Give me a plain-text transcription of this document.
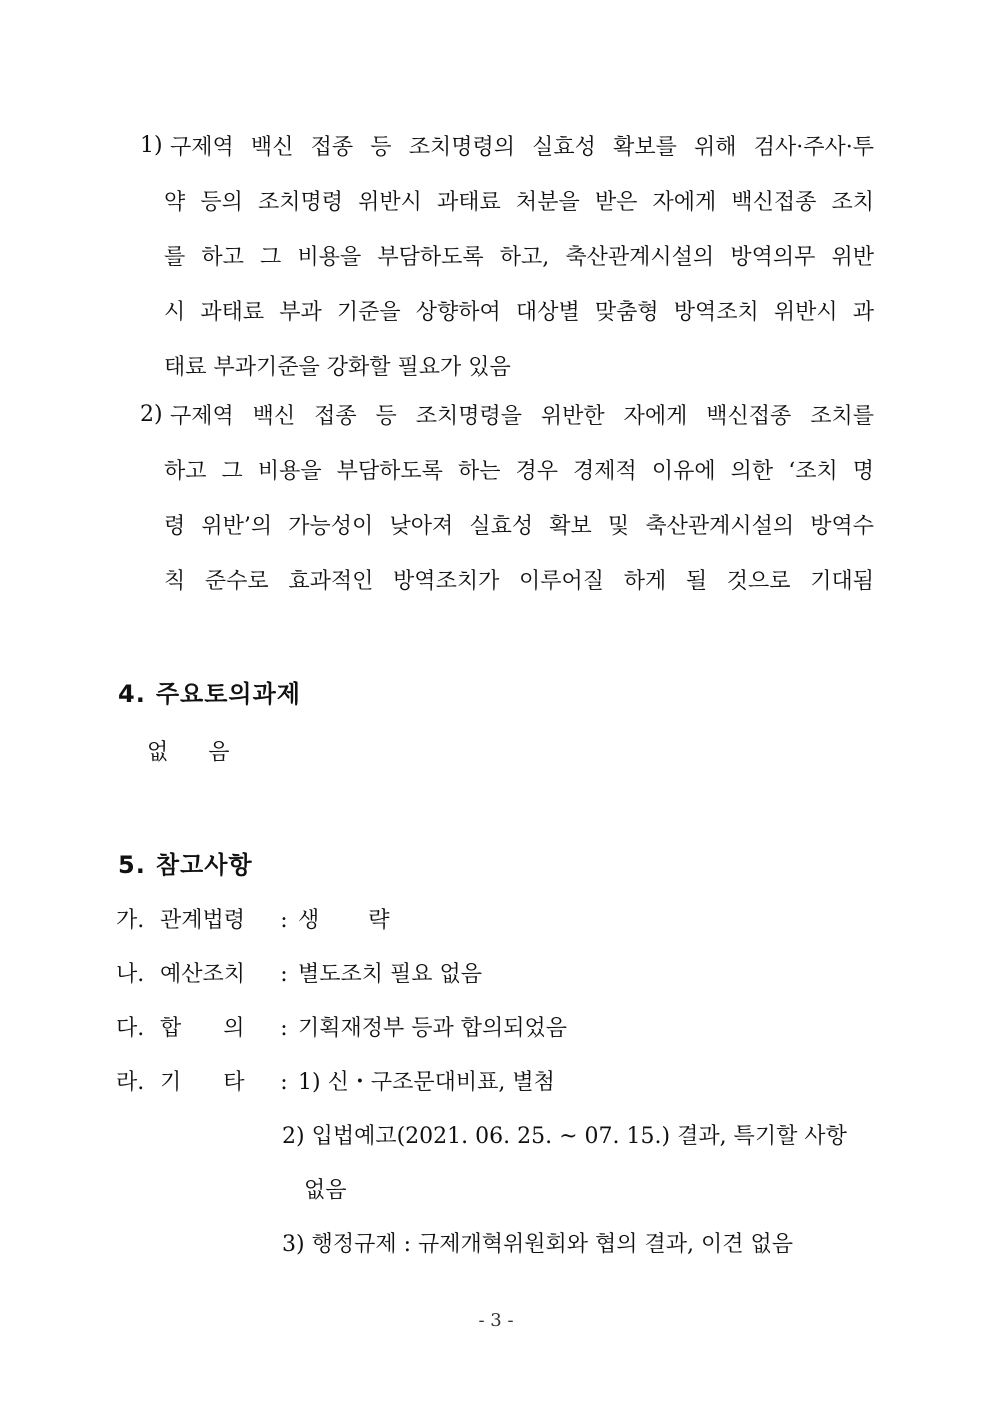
1) 구제역 백신 접종 등 조치명령의 실효성 확보를 위해 검사·주사·투
약 등의 조치명령 위반시 과태료 처분을 받은 자에게 백신접종 조치
를 하고 그 비용을 부담하도록 하고, 축산관계시설의 방역의무 위반
시 과태료 부과 기준을 상향하여 대상별 맞춤형 방역조치 위반시 과
태료 부과기준을 강화할 필요가 있음
2) 구제역 백신 접종 등 조치명령을 위반한 자에게 백신접종 조치를
하고 그 비용을 부담하도록 하는 경우 경제적 이유에 의한 ‘조치 명
령 위반’의 가능성이 낮아져 실효성 확보 및 축산관계시설의 방역수
칙 준수로 효과적인 방역조치가 이루어질 하게 될 것으로 기대됨
4. 주요토의과제
없 음
5. 참고사항
가. 관계법령 : 생       략
나. 예산조치 : 별도조치 필요 없음
다. 합      의 : 기획재정부 등과 합의되었음
라. 기      타 : 1) 신・구조문대비표, 별첨
2) 입법예고(2021. 06. 25. ~ 07. 15.) 결과, 특기할 사항
없음
3) 행정규제 : 규제개혁위원회와 협의 결과, 이견 없음
- 3 -
